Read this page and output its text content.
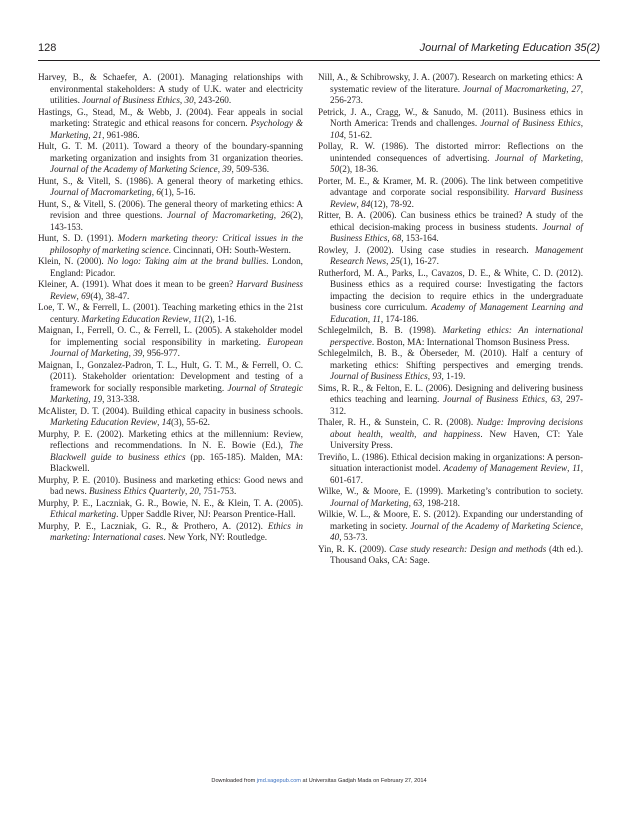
128	Journal of Marketing Education 35(2)

Harvey, B., & Schaefer, A. (2001). Managing relationships with environmental stakeholders: A study of U.K. water and electricity utilities. Journal of Business Ethics, 30, 243-260.

Hastings, G., Stead, M., & Webb, J. (2004). Fear appeals in social marketing: Strategic and ethical reasons for concern. Psychology & Marketing, 21, 961-986.

Hult, G. T. M. (2011). Toward a theory of the boundary-spanning marketing organization and insights from 31 organization theories. Journal of the Academy of Marketing Science, 39, 509-536.

Hunt, S., & Vitell, S. (1986). A general theory of marketing ethics. Journal of Macromarketing, 6(1), 5-16.

Hunt, S., & Vitell, S. (2006). The general theory of marketing ethics: A revision and three questions. Journal of Macromarketing, 26(2), 143-153.

Hunt, S. D. (1991). Modern marketing theory: Critical issues in the philosophy of marketing science. Cincinnati, OH: South-Western.

Klein, N. (2000). No logo: Taking aim at the brand bullies. London, England: Picador.

Kleiner, A. (1991). What does it mean to be green? Harvard Business Review, 69(4), 38-47.

Loe, T. W., & Ferrell, L. (2001). Teaching marketing ethics in the 21st century. Marketing Education Review, 11(2), 1-16.

Maignan, I., Ferrell, O. C., & Ferrell, L. (2005). A stakeholder model for implementing social responsibility in marketing. European Journal of Marketing, 39, 956-977.

Maignan, I., Gonzalez-Padron, T. L., Hult, G. T. M., & Ferrell, O. C. (2011). Stakeholder orientation: Development and testing of a framework for socially responsible marketing. Journal of Strategic Marketing, 19, 313-338.

McAlister, D. T. (2004). Building ethical capacity in business schools. Marketing Education Review, 14(3), 55-62.

Murphy, P. E. (2002). Marketing ethics at the millennium: Review, reflections and recommendations. In N. E. Bowie (Ed.), The Blackwell guide to business ethics (pp. 165-185). Malden, MA: Blackwell.

Murphy, P. E. (2010). Business and marketing ethics: Good news and bad news. Business Ethics Quarterly, 20, 751-753.

Murphy, P. E., Laczniak, G. R., Bowie, N. E., & Klein, T. A. (2005). Ethical marketing. Upper Saddle River, NJ: Pearson Prentice-Hall.

Murphy, P. E., Laczniak, G. R., & Prothero, A. (2012). Ethics in marketing: International cases. New York, NY: Routledge.

Nill, A., & Schibrowsky, J. A. (2007). Research on marketing ethics: A systematic review of the literature. Journal of Macromarketing, 27, 256-273.

Petrick, J. A., Cragg, W., & Sanudo, M. (2011). Business ethics in North America: Trends and challenges. Journal of Business Ethics, 104, 51-62.

Pollay, R. W. (1986). The distorted mirror: Reflections on the unintended consequences of advertising. Journal of Marketing, 50(2), 18-36.

Porter, M. E., & Kramer, M. R. (2006). The link between competitive advantage and corporate social responsibility. Harvard Business Review, 84(12), 78-92.

Ritter, B. A. (2006). Can business ethics be trained? A study of the ethical decision-making process in business students. Journal of Business Ethics, 68, 153-164.

Rowley, J. (2002). Using case studies in research. Management Research News, 25(1), 16-27.

Rutherford, M. A., Parks, L., Cavazos, D. E., & White, C. D. (2012). Business ethics as a required course: Investigating the factors impacting the decision to require ethics in the undergraduate business core curriculum. Academy of Management Learning and Education, 11, 174-186.

Schlegelmilch, B. B. (1998). Marketing ethics: An international perspective. Boston, MA: International Thomson Business Press.

Schlegelmilch, B. B., & Öberseder, M. (2010). Half a century of marketing ethics: Shifting perspectives and emerging trends. Journal of Business Ethics, 93, 1-19.

Sims, R. R., & Felton, E. L. (2006). Designing and delivering business ethics teaching and learning. Journal of Business Ethics, 63, 297-312.

Thaler, R. H., & Sunstein, C. R. (2008). Nudge: Improving decisions about health, wealth, and happiness. New Haven, CT: Yale University Press.

Treviño, L. (1986). Ethical decision making in organizations: A person-situation interactionist model. Academy of Management Review, 11, 601-617.

Wilke, W., & Moore, E. (1999). Marketing’s contribution to society. Journal of Marketing, 63, 198-218.

Wilkie, W. L., & Moore, E. S. (2012). Expanding our understanding of marketing in society. Journal of the Academy of Marketing Science, 40, 53-73.

Yin, R. K. (2009). Case study research: Design and methods (4th ed.). Thousand Oaks, CA: Sage.

Downloaded from jmd.sagepub.com at Universitas Gadjah Mada on February 27, 2014
